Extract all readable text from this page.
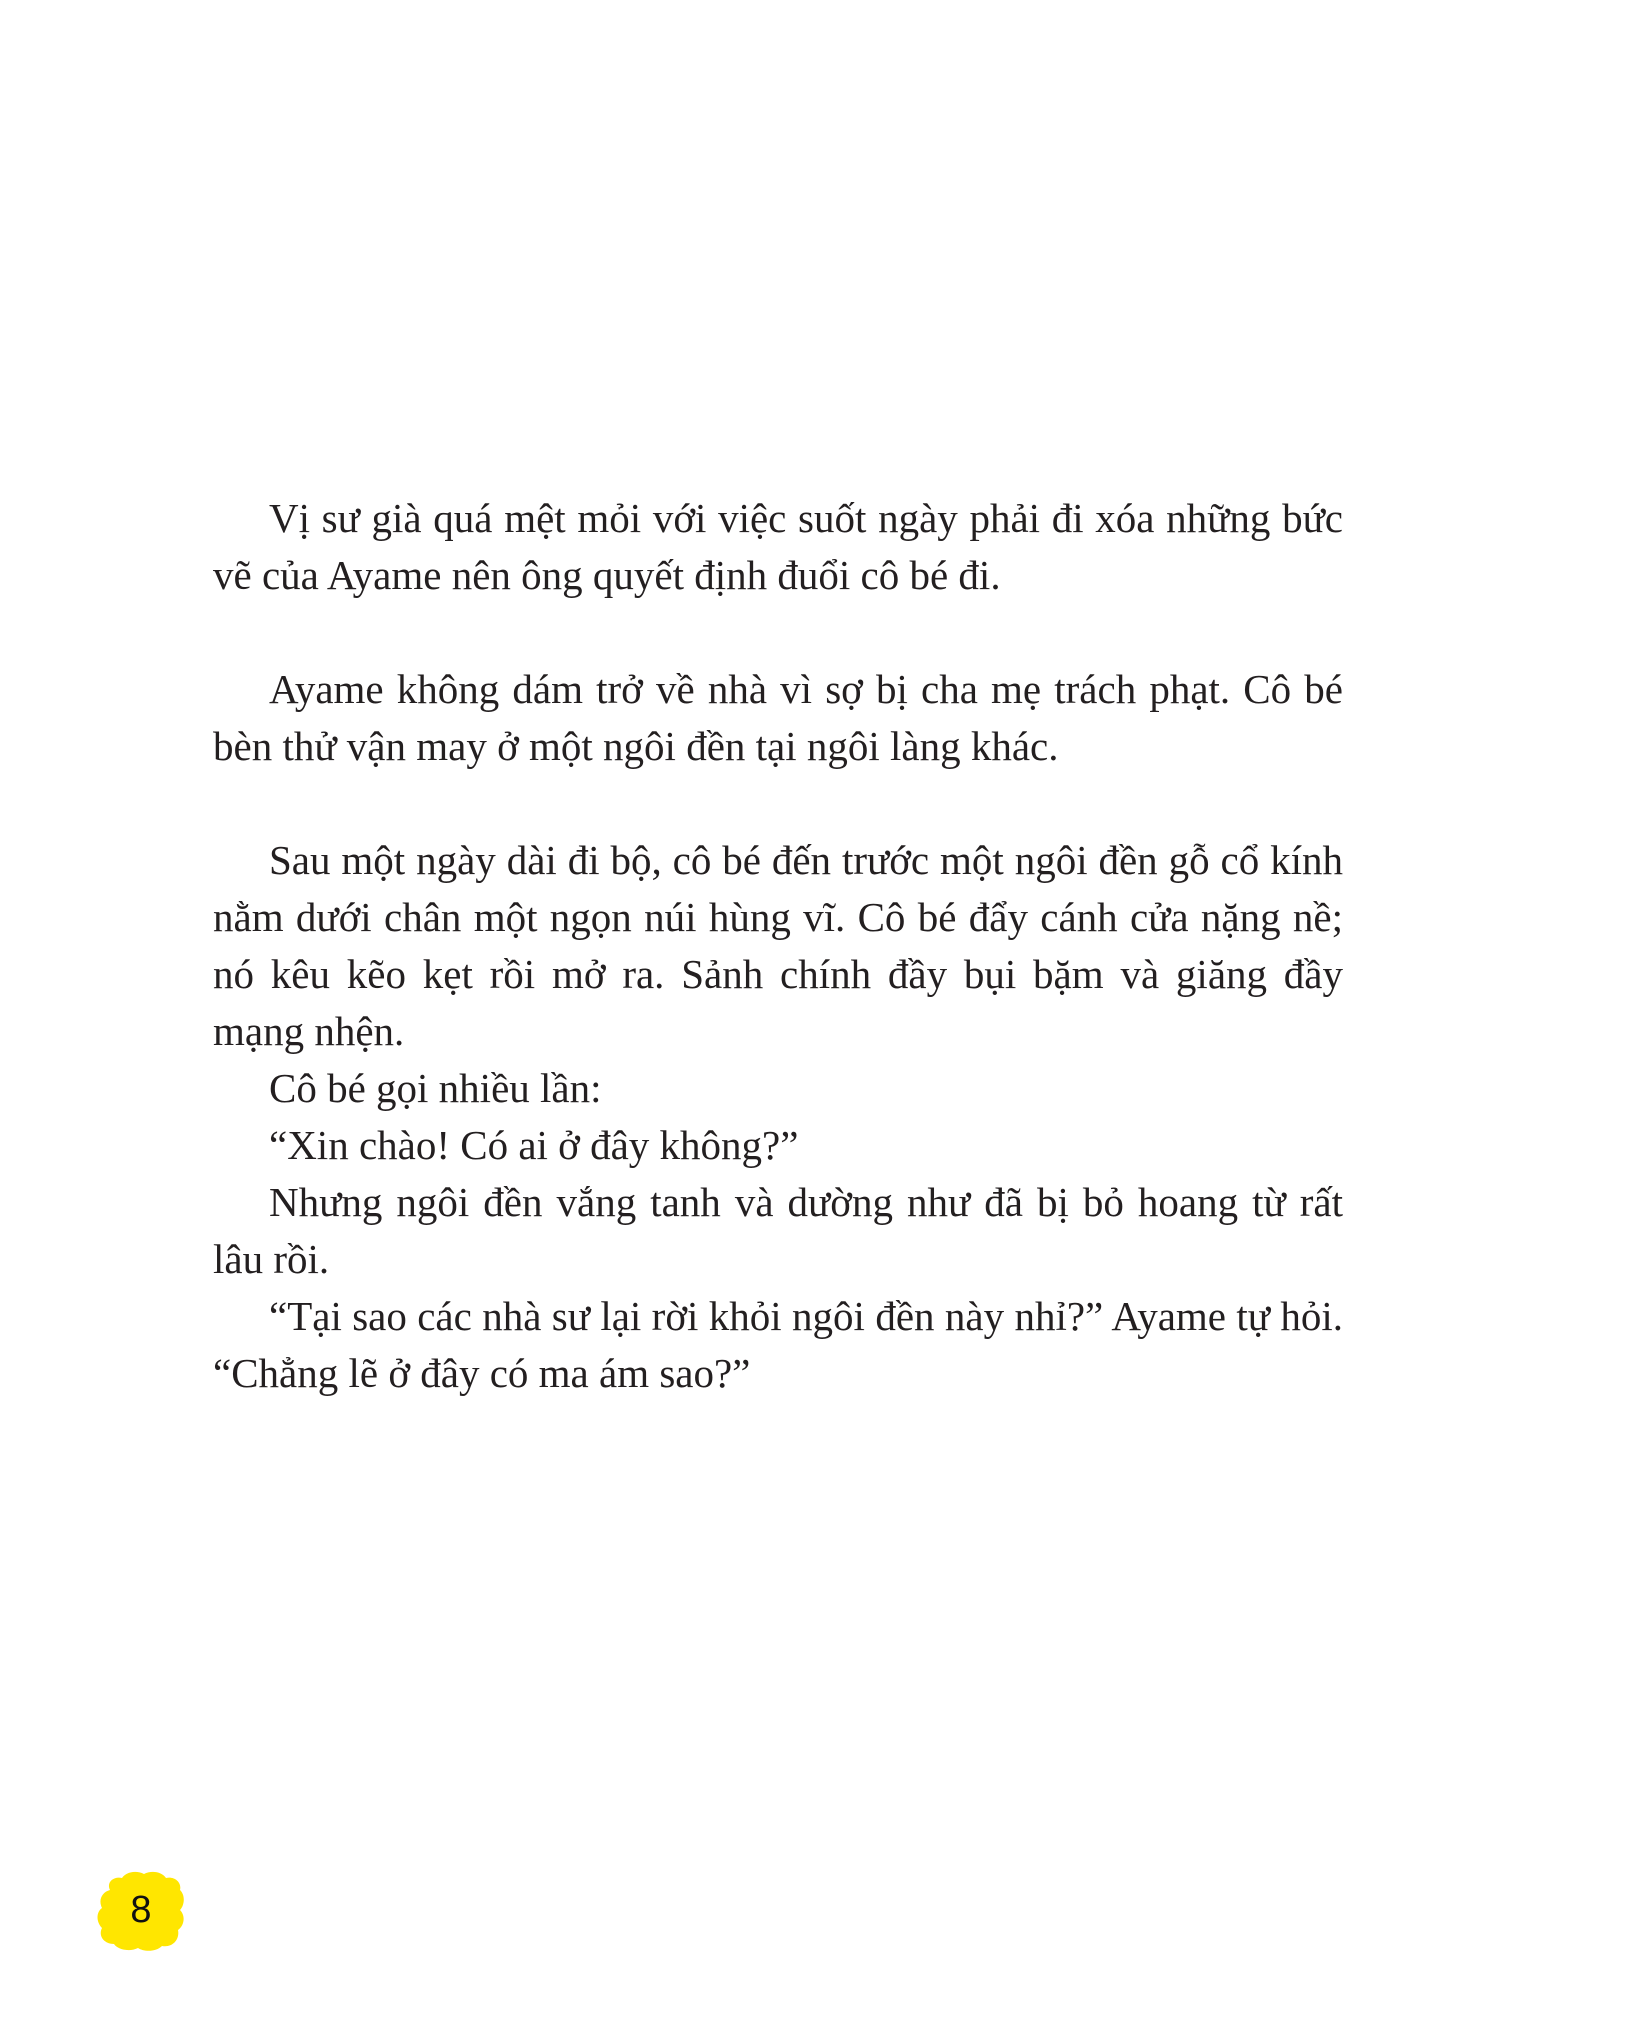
Vị sư già quá mệt mỏi với việc suốt ngày phải đi xóa những bức vẽ của Ayame nên ông quyết định đuổi cô bé đi.

Ayame không dám trở về nhà vì sợ bị cha mẹ trách phạt. Cô bé bèn thử vận may ở một ngôi đền tại ngôi làng khác.

Sau một ngày dài đi bộ, cô bé đến trước một ngôi đền gỗ cổ kính nằm dưới chân một ngọn núi hùng vĩ. Cô bé đẩy cánh cửa nặng nề; nó kêu kẽo kẹt rồi mở ra. Sảnh chính đầy bụi bặm và giăng đầy mạng nhện.

Cô bé gọi nhiều lần:

“Xin chào! Có ai ở đây không?”

Nhưng ngôi đền vắng tanh và dường như đã bị bỏ hoang từ rất lâu rồi.

“Tại sao các nhà sư lại rời khỏi ngôi đền này nhỉ?” Ayame tự hỏi. “Chẳng lẽ ở đây có ma ám sao?”

8
